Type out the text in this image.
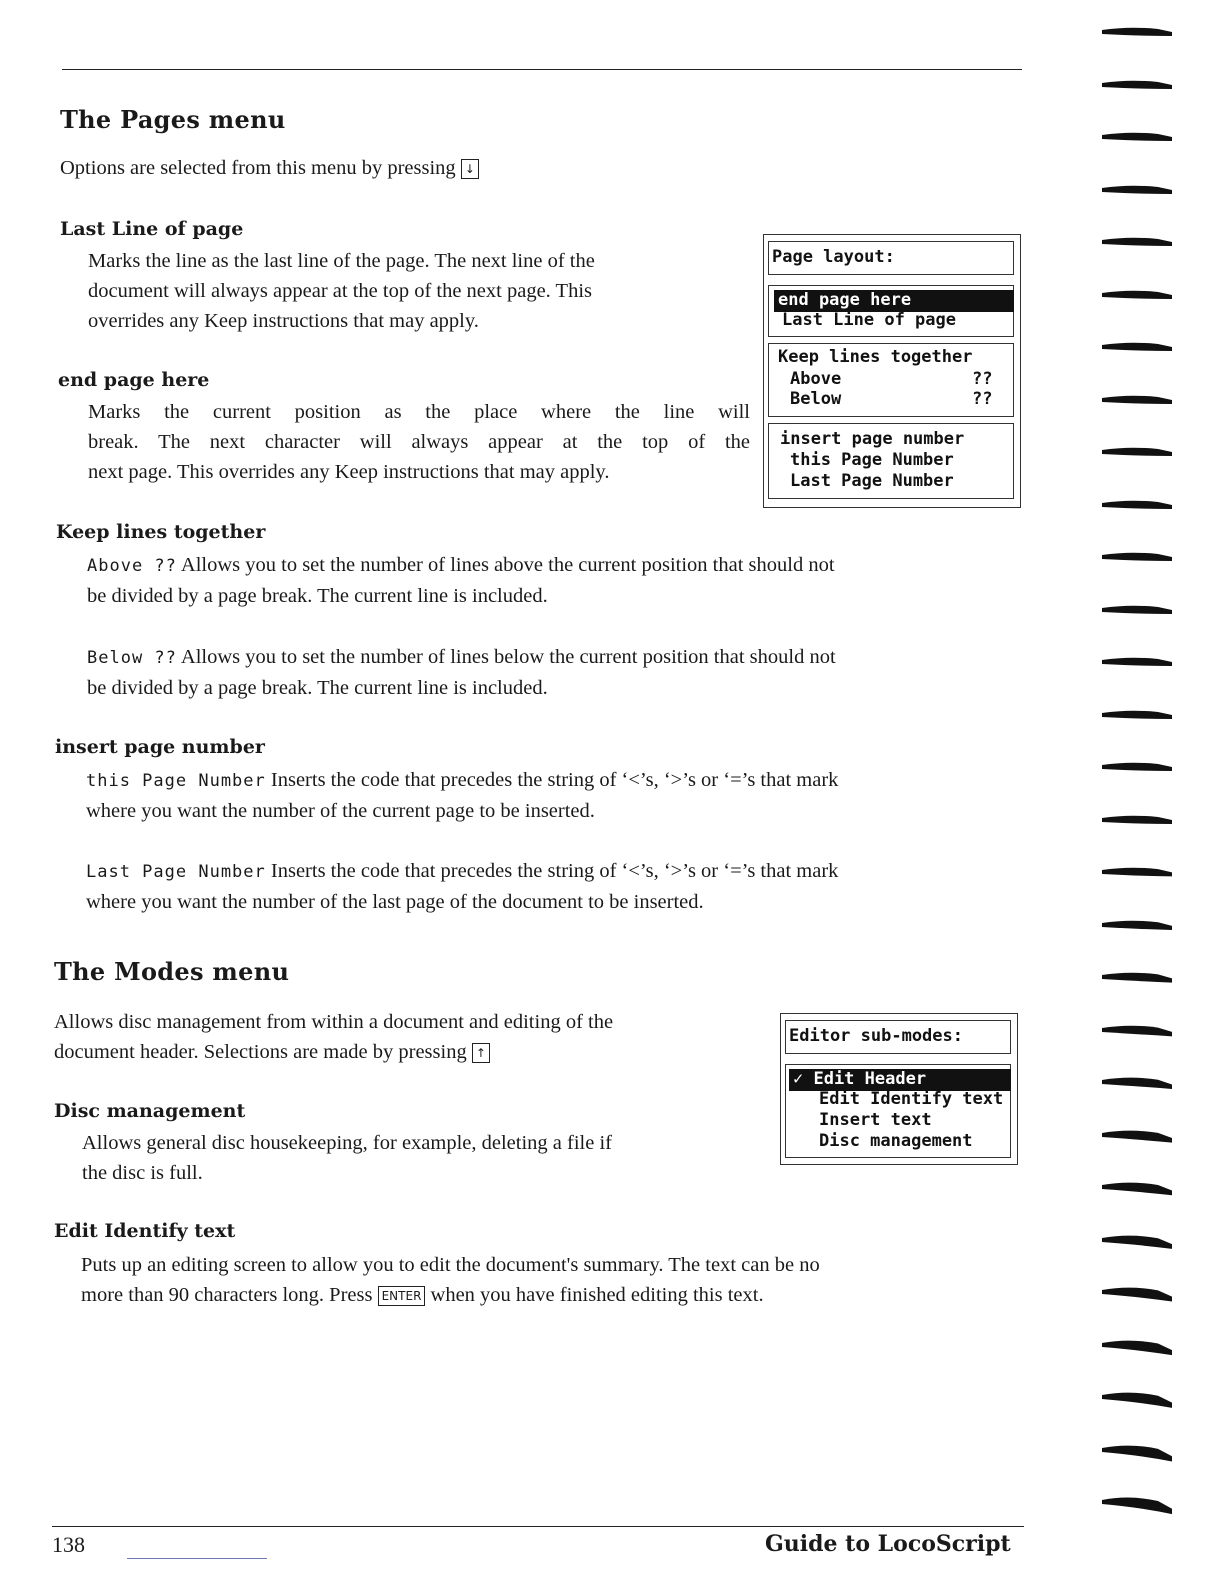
The Pages menu
Options are selected from this menu by pressing ↓
Last Line of page
Marks the line as the last line of the page. The next line of the
document will always appear at the top of the next page. This
overrides any Keep instructions that may apply.
end page here
Marks the current position as the place where the line will
break. The next character will always appear at the top of the
next page. This overrides any Keep instructions that may apply.
Page layout:
end page here
Last Line of page
Keep lines together
Above	??
Below	??
insert page number
this Page Number
Last Page Number
Keep lines together
Above ?? Allows you to set the number of lines above the current position that should not
be divided by a page break. The current line is included.
Below ?? Allows you to set the number of lines below the current position that should not
be divided by a page break. The current line is included.
insert page number
this Page Number Inserts the code that precedes the string of ‘<’s, ‘>’s or ‘=’s that mark
where you want the number of the current page to be inserted.
Last Page Number Inserts the code that precedes the string of ‘<’s, ‘>’s or ‘=’s that mark
where you want the number of the last page of the document to be inserted.
The Modes menu
Allows disc management from within a document and editing of the
document header. Selections are made by pressing ↑
Disc management
Allows general disc housekeeping, for example, deleting a file if
the disc is full.
Editor sub-modes:
✓ Edit Header
Edit Identify text
Insert text
Disc management
Edit Identify text
Puts up an editing screen to allow you to edit the document's summary. The text can be no
more than 90 characters long. Press ENTER when you have finished editing this text.
138	Guide to LocoScript
